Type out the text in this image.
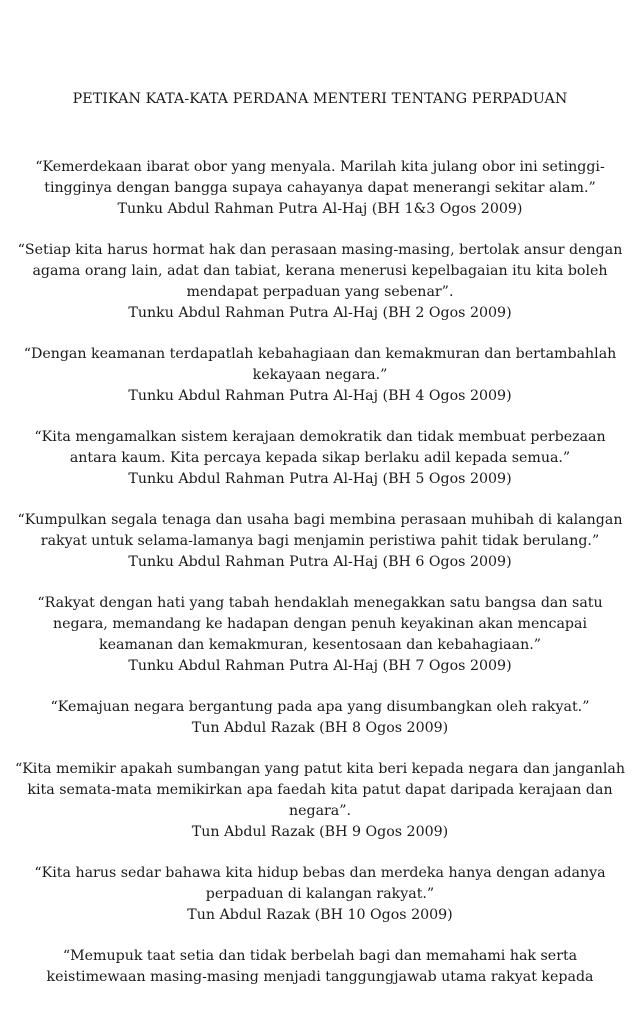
PETIKAN KATA-KATA PERDANA MENTERI TENTANG PERPADUAN
“Kemerdekaan ibarat obor yang menyala. Marilah kita julang obor ini setinggi-tingginya dengan bangga supaya cahayanya dapat menerangi sekitar alam.”
Tunku Abdul Rahman Putra Al-Haj (BH 1&3 Ogos 2009)
“Setiap kita harus hormat hak dan perasaan masing-masing, bertolak ansur dengan agama orang lain, adat dan tabiat, kerana menerusi kepelbagaian itu kita boleh mendapat perpaduan yang sebenar”.
Tunku Abdul Rahman Putra Al-Haj (BH 2 Ogos 2009)
“Dengan keamanan terdapatlah kebahagiaan dan kemakmuran dan bertambahlah kekayaan negara.”
Tunku Abdul Rahman Putra Al-Haj (BH 4 Ogos 2009)
“Kita mengamalkan sistem kerajaan demokratik dan tidak membuat perbezaan antara kaum. Kita percaya kepada sikap berlaku adil kepada semua.”
Tunku Abdul Rahman Putra Al-Haj (BH 5 Ogos 2009)
“Kumpulkan segala tenaga dan usaha bagi membina perasaan muhibah di kalangan rakyat untuk selama-lamanya bagi menjamin peristiwa pahit tidak berulang.”
Tunku Abdul Rahman Putra Al-Haj (BH 6 Ogos 2009)
“Rakyat dengan hati yang tabah hendaklah menegakkan satu bangsa dan satu negara, memandang ke hadapan dengan penuh keyakinan akan mencapai keamanan dan kemakmuran, kesentosaan dan kebahagiaan.”
Tunku Abdul Rahman Putra Al-Haj (BH 7 Ogos 2009)
“Kemajuan negara bergantung pada apa yang disumbangkan oleh rakyat.”
Tun Abdul Razak (BH 8 Ogos 2009)
“Kita memikir apakah sumbangan yang patut kita beri kepada negara dan janganlah kita semata-mata memikirkan apa faedah kita patut dapat daripada kerajaan dan negara”.
Tun Abdul Razak (BH 9 Ogos 2009)
“Kita harus sedar bahawa kita hidup bebas dan merdeka hanya dengan adanya perpaduan di kalangan rakyat.”
Tun Abdul Razak (BH 10 Ogos 2009)
“Memupuk taat setia dan tidak berbelah bagi dan memahami hak serta keistimewaan masing-masing menjadi tanggungjawab utama rakyat kepada
